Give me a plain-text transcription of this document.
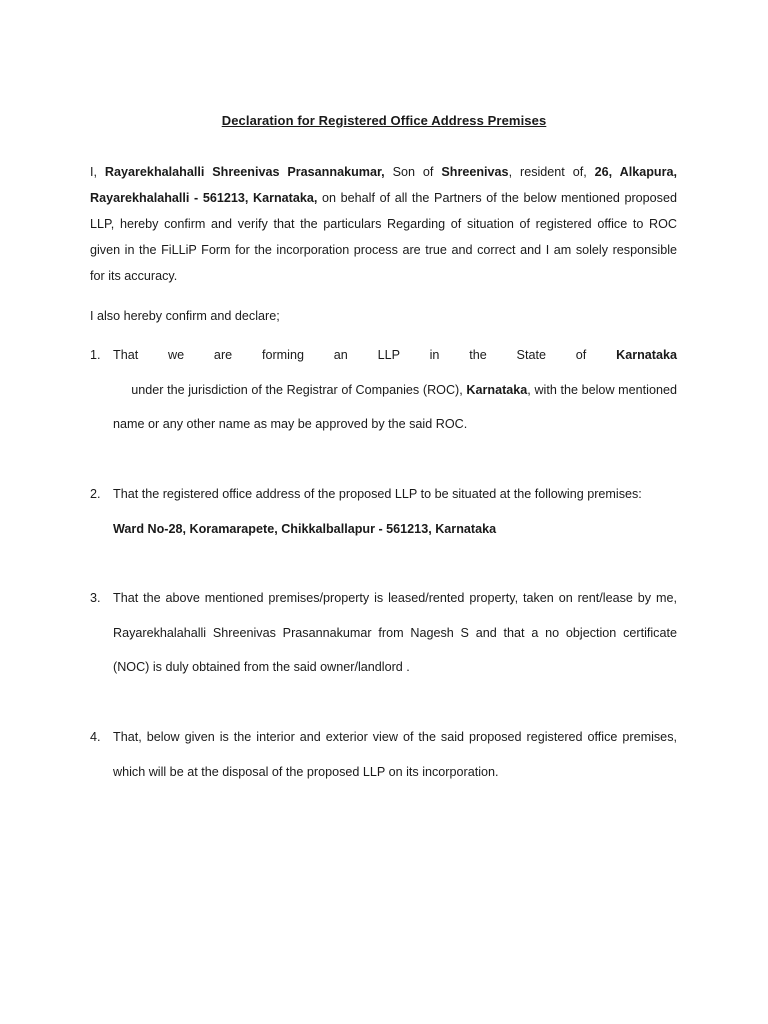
Declaration for Registered Office Address Premises
I, Rayarekhalahalli Shreenivas Prasannakumar, Son of Shreenivas, resident of, 26, Alkapura, Rayarekhalahalli - 561213, Karnataka, on behalf of all the Partners of the below mentioned proposed LLP, hereby confirm and verify that the particulars Regarding of situation of registered office to ROC given in the FiLLiP Form for the incorporation process are true and correct and I am solely responsible for its accuracy.
I also hereby confirm and declare;
1. That we are forming an LLP in the State of Karnataka     under the jurisdiction of the Registrar of Companies (ROC), Karnataka, with the below mentioned name or any other name as may be approved by the said ROC.
2. That the registered office address of the proposed LLP to be situated at the following premises:
Ward No-28, Koramarapete, Chikkalballapur - 561213, Karnataka
3. That the above mentioned premises/property is leased/rented property, taken on rent/lease by me, Rayarekhalahalli Shreenivas Prasannakumar from Nagesh S and that a no objection certificate (NOC) is duly obtained from the said owner/landlord .
4. That, below given is the interior and exterior view of the said proposed registered office premises, which will be at the disposal of the proposed LLP on its incorporation.
